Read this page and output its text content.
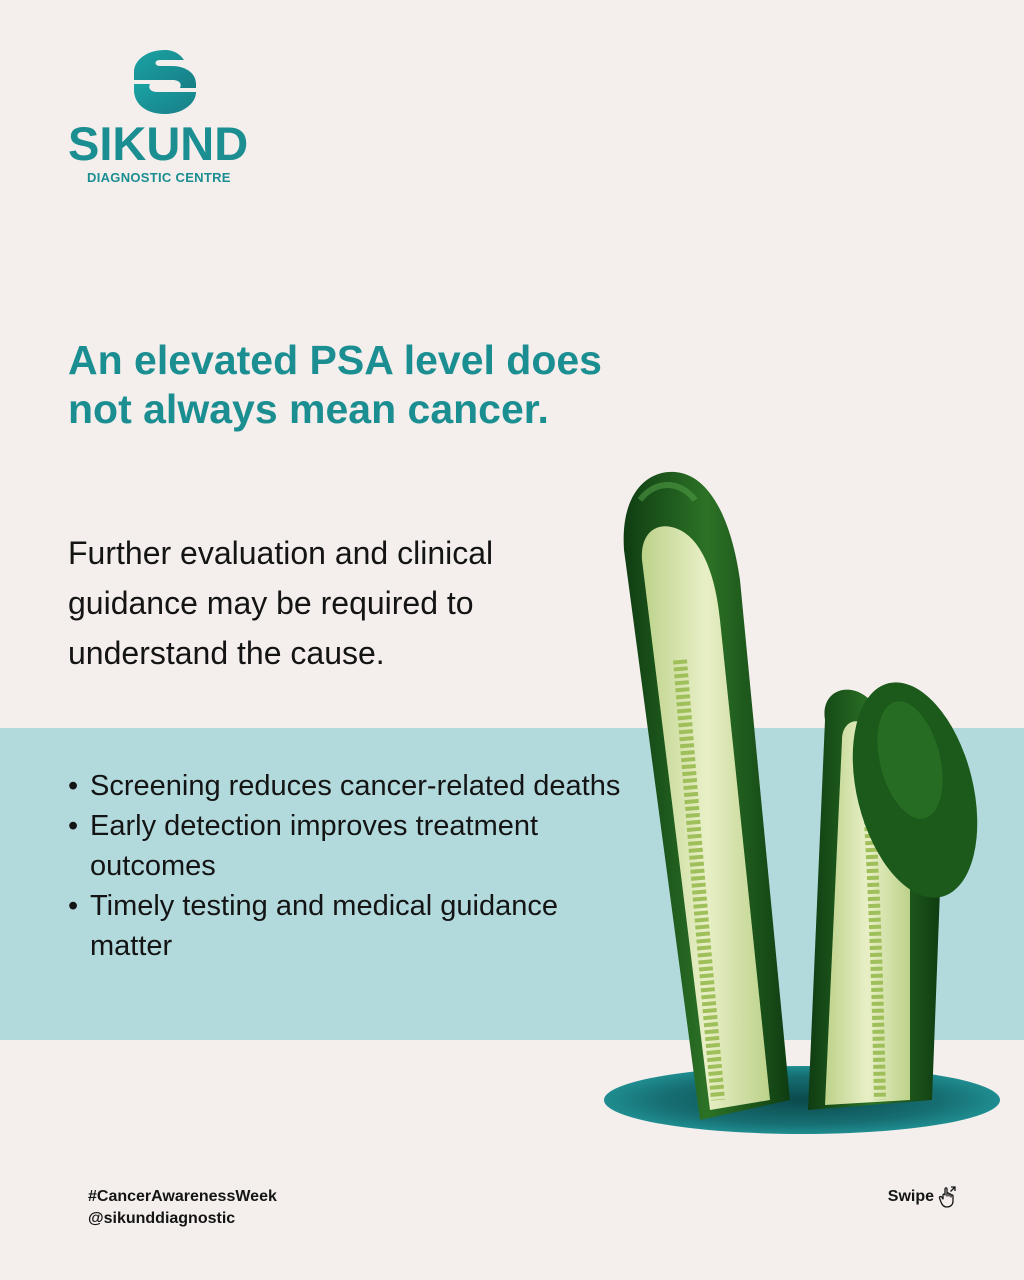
SIKUND
DIAGNOSTIC CENTRE
An elevated PSA level does not always mean cancer.

Further evaluation and clinical guidance may be required to understand the cause.

• Screening reduces cancer-related deaths
• Early detection improves treatment outcomes
• Timely testing and medical guidance matter
#CancerAwarenessWeek
@sikunddiagnostic
Swipe
